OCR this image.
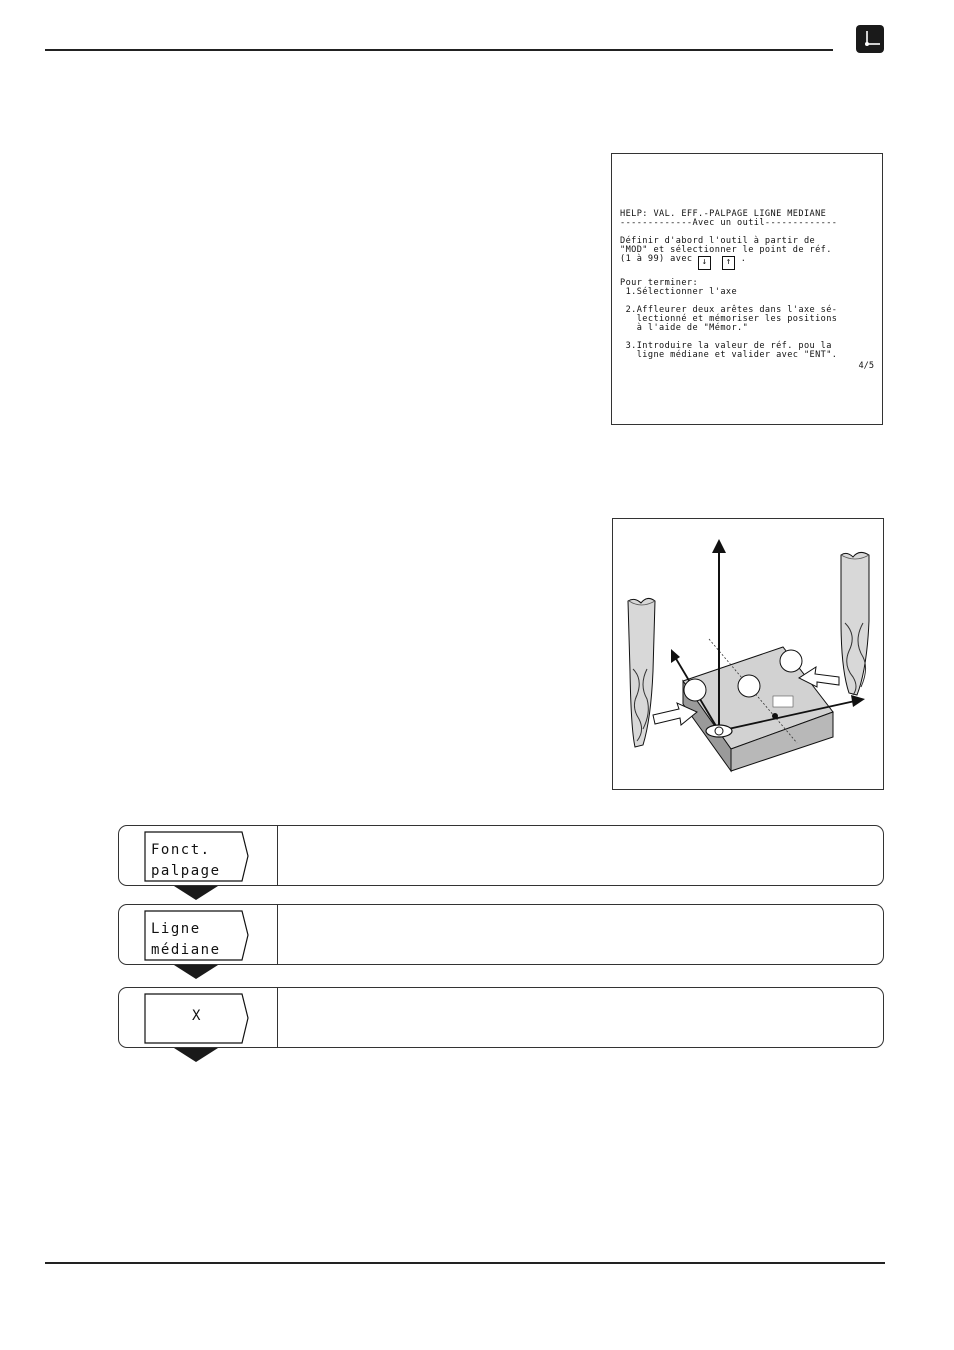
HELP: VAL. EFF.-PALPAGE LIGNE MEDIANE
-------------Avec un outil-------------

Définir d'abord l'outil à partir de
"MOD" et sélectionner le point de réf.
(1 à 99) avec ↓ ↑ .

Pour terminer:
1.Sélectionner l'axe

2.Affleurer deux arêtes dans l'axe sé-
lectionné et mémoriser les positions
à l'aide de "Mémor."

3.Introduire la valeur de réf. pou la
ligne médiane et valider avec "ENT".
4/5
Fonct.
palpage
Ligne
médiane
X
